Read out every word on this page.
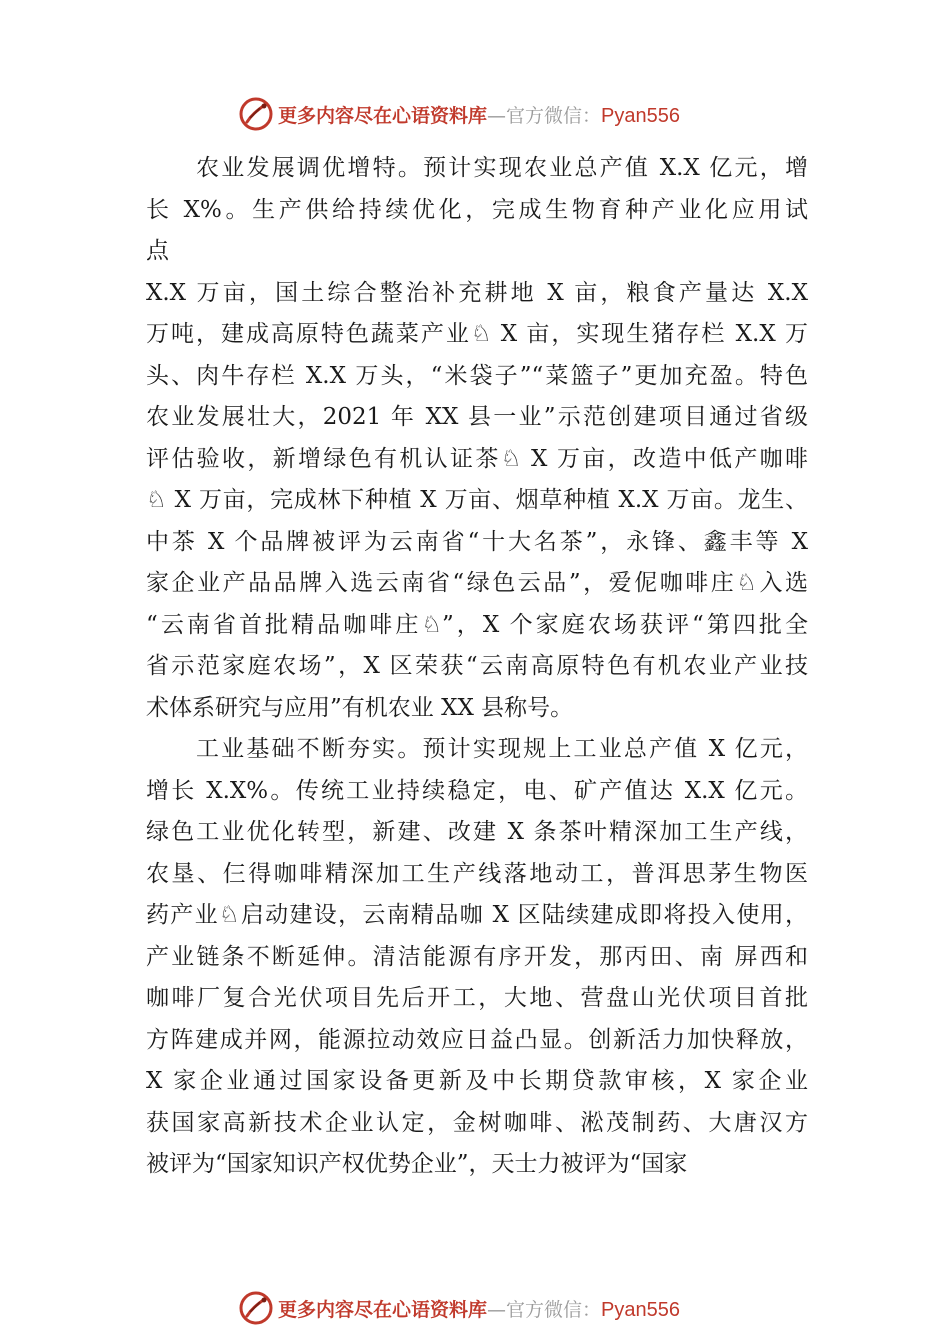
更多内容尽在心语资料库—官方微信：Pyan556
农业发展调优增特。预计实现农业总产值 X.X 亿元，增
长 X%。生产供给持续优化，完成生物育种产业化应用试
点
X.X 万亩，国土综合整治补充耕地 X 亩，粮食产量达 X.X
万吨，建成高原特色蔬菜产业♘ X 亩，实现生猪存栏 X.X 万
头、肉牛存栏 X.X 万头，“米袋子”“菜篮子”更加充盈。特色
农业发展壮大，2021 年 XX 县一业”示范创建项目通过省级
评估验收，新增绿色有机认证茶♘ X 万亩，改造中低产咖啡
♘ X 万亩，完成林下种植 X 万亩、烟草种植 X.X 万亩。龙生、
中茶 X 个品牌被评为云南省“十大名茶”，永锋、鑫丰等 X
家企业产品品牌入选云南省“绿色云品”，爱伲咖啡庄♘入选
“云南省首批精品咖啡庄♘”，X 个家庭农场获评“第四批全
省示范家庭农场”，X 区荣获“云南高原特色有机农业产业技
术体系研究与应用”有机农业 XX 县称号。
工业基础不断夯实。预计实现规上工业总产值 X 亿元，
增长 X.X%。传统工业持续稳定，电、矿产值达 X.X 亿元。
绿色工业优化转型，新建、改建 X 条茶叶精深加工生产线，
农垦、仨得咖啡精深加工生产线落地动工，普洱思茅生物医
药产业♘启动建设，云南精品咖 X 区陆续建成即将投入使用，
产业链条不断延伸。清洁能源有序开发，那丙田、南 屏西和
咖啡厂复合光伏项目先后开工，大地、营盘山光伏项目首批
方阵建成并网，能源拉动效应日益凸显。创新活力加快释放，
X 家企业通过国家设备更新及中长期贷款审核，X 家企业
获国家高新技术企业认定，金树咖啡、淞茂制药、大唐汉方
被评为“国家知识产权优势企业”，天士力被评为“国家
更多内容尽在心语资料库—官方微信：Pyan556
